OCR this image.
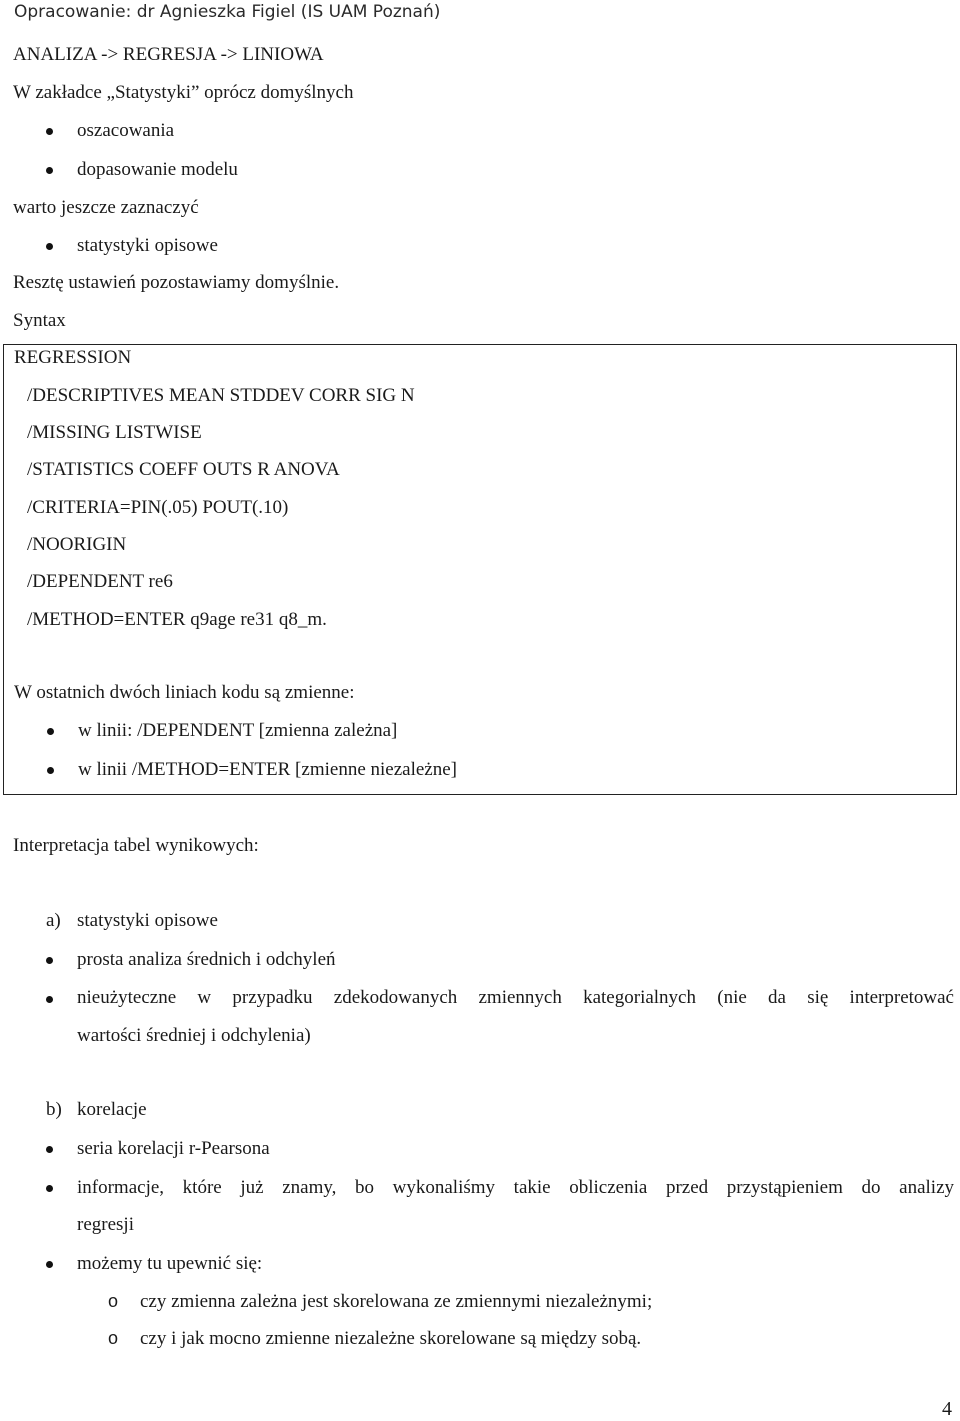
Opracowanie: dr Agnieszka Figiel (IS UAM Poznań)
ANALIZA -> REGRESJA -> LINIOWA
W zakładce „Statystyki” oprócz domyślnych
oszacowania
dopasowanie modelu
warto jeszcze zaznaczyć
statystyki opisowe
Resztę ustawień pozostawiamy domyślnie.
Syntax
REGRESSION
/DESCRIPTIVES MEAN STDDEV CORR SIG N
/MISSING LISTWISE
/STATISTICS COEFF OUTS R ANOVA
/CRITERIA=PIN(.05) POUT(.10)
/NOORIGIN
/DEPENDENT re6
/METHOD=ENTER q9age re31 q8_m.
W ostatnich dwóch liniach kodu są zmienne:
w linii: /DEPENDENT [zmienna zależna]
w linii /METHOD=ENTER [zmienne niezależne]
Interpretacja tabel wynikowych:
a) statystyki opisowe
prosta analiza średnich i odchyleń
nieużyteczne w przypadku zdekodowanych zmiennych kategorialnych (nie da się interpretować
wartości średniej i odchylenia)
b) korelacje
seria korelacji r-Pearsona
informacje, które już znamy, bo wykonaliśmy takie obliczenia przed przystąpieniem do analizy
regresji
możemy tu upewnić się:
o czy zmienna zależna jest skorelowana ze zmiennymi niezależnymi;
o czy i jak mocno zmienne niezależne skorelowane są między sobą.
4
